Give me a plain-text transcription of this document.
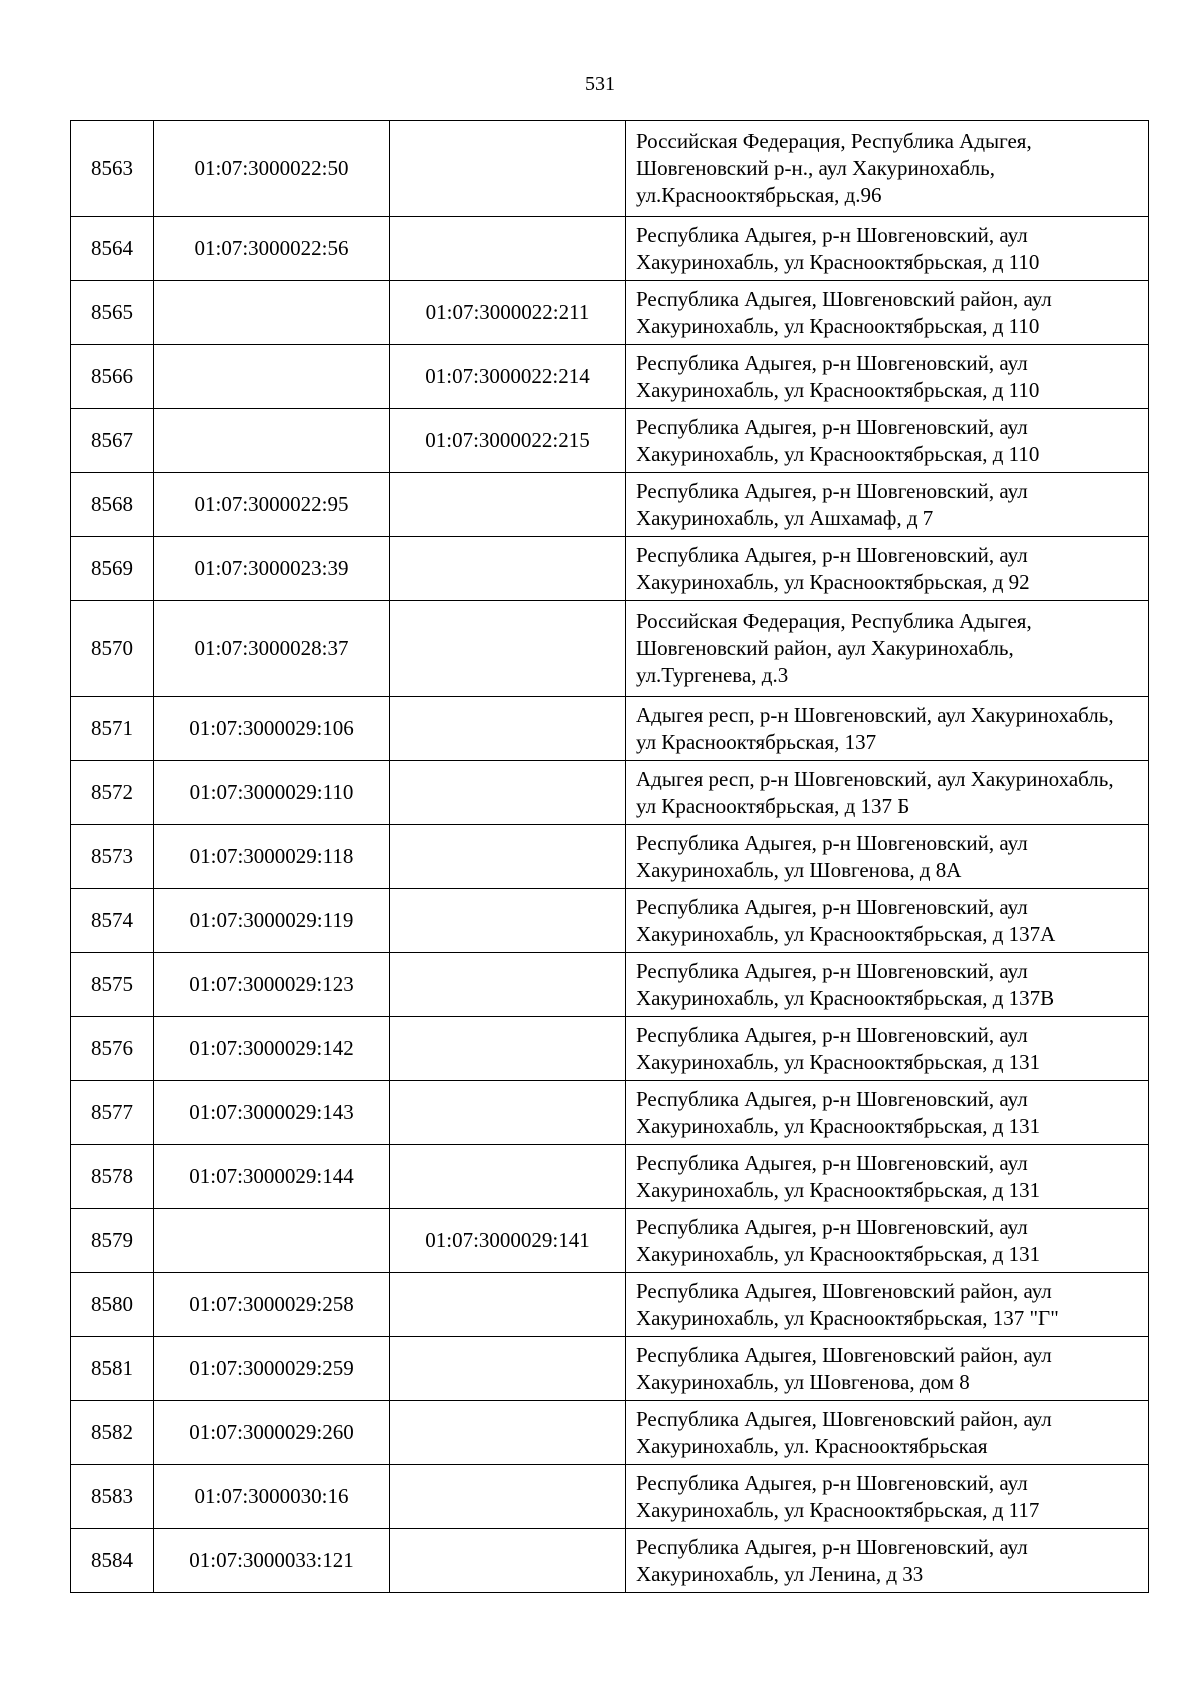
531
8563	01:07:3000022:50		Российская Федерация, Республика Адыгея, Шовгеновский р-н., аул Хакуринохабль, ул.Краснооктябрьская, д.96
8564	01:07:3000022:56		Республика Адыгея, р-н Шовгеновский, аул Хакуринохабль, ул Краснооктябрьская, д 110
8565		01:07:3000022:211	Республика Адыгея, Шовгеновский район, аул Хакуринохабль, ул Краснооктябрьская, д 110
8566		01:07:3000022:214	Республика Адыгея, р-н Шовгеновский, аул Хакуринохабль, ул Краснооктябрьская, д 110
8567		01:07:3000022:215	Республика Адыгея, р-н Шовгеновский, аул Хакуринохабль, ул Краснооктябрьская, д 110
8568	01:07:3000022:95		Республика Адыгея, р-н Шовгеновский, аул Хакуринохабль, ул Ашхамаф, д 7
8569	01:07:3000023:39		Республика Адыгея, р-н Шовгеновский, аул Хакуринохабль, ул Краснооктябрьская, д 92
8570	01:07:3000028:37		Российская Федерация, Республика Адыгея, Шовгеновский район, аул Хакуринохабль, ул.Тургенева, д.3
8571	01:07:3000029:106		Адыгея респ, р-н Шовгеновский, аул Хакуринохабль, ул Краснооктябрьская, 137
8572	01:07:3000029:110		Адыгея респ, р-н Шовгеновский, аул Хакуринохабль, ул Краснооктябрьская, д 137 Б
8573	01:07:3000029:118		Республика Адыгея, р-н Шовгеновский, аул Хакуринохабль, ул Шовгенова, д 8А
8574	01:07:3000029:119		Республика Адыгея, р-н Шовгеновский, аул Хакуринохабль, ул Краснооктябрьская, д 137А
8575	01:07:3000029:123		Республика Адыгея, р-н Шовгеновский, аул Хакуринохабль, ул Краснооктябрьская, д 137В
8576	01:07:3000029:142		Республика Адыгея, р-н Шовгеновский, аул Хакуринохабль, ул Краснооктябрьская, д 131
8577	01:07:3000029:143		Республика Адыгея, р-н Шовгеновский, аул Хакуринохабль, ул Краснооктябрьская, д 131
8578	01:07:3000029:144		Республика Адыгея, р-н Шовгеновский, аул Хакуринохабль, ул Краснооктябрьская, д 131
8579		01:07:3000029:141	Республика Адыгея, р-н Шовгеновский, аул Хакуринохабль, ул Краснооктябрьская, д 131
8580	01:07:3000029:258		Республика Адыгея, Шовгеновский район, аул Хакуринохабль, ул Краснооктябрьская, 137 "Г"
8581	01:07:3000029:259		Республика Адыгея, Шовгеновский район, аул Хакуринохабль, ул Шовгенова, дом 8
8582	01:07:3000029:260		Республика Адыгея, Шовгеновский район, аул Хакуринохабль, ул. Краснооктябрьская
8583	01:07:3000030:16		Республика Адыгея, р-н Шовгеновский, аул Хакуринохабль, ул Краснооктябрьская, д 117
8584	01:07:3000033:121		Республика Адыгея, р-н Шовгеновский, аул Хакуринохабль, ул Ленина, д 33
